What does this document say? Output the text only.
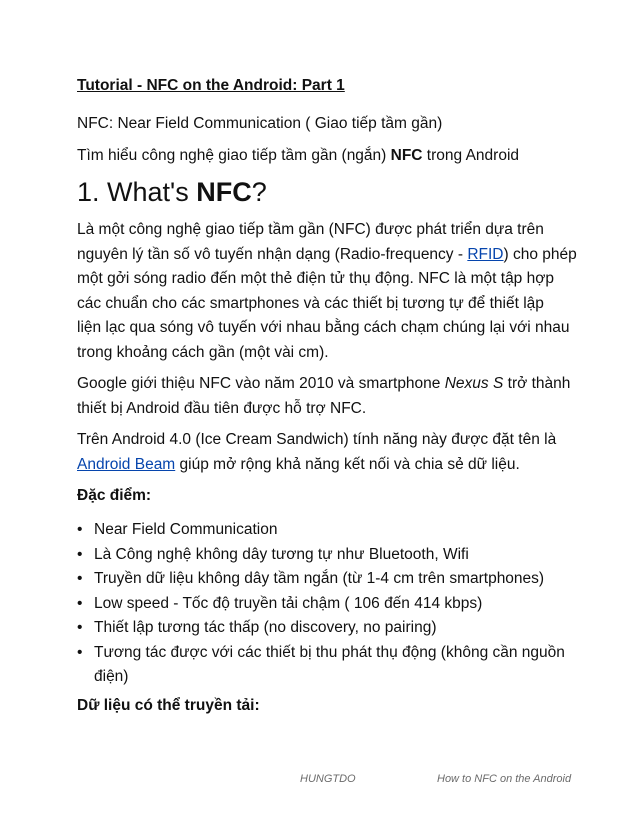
Tutorial - NFC on the Android: Part 1
NFC: Near Field Communication ( Giao tiếp tầm gần)
Tìm hiểu công nghệ giao tiếp tầm gần (ngắn) NFC trong Android
1. What's NFC?
Là một công nghệ giao tiếp tầm gần (NFC) được phát triển dựa trên
nguyên lý tần số vô tuyến nhận dạng (Radio-frequency - RFID) cho phép
một gởi sóng radio đến một thẻ điện tử thụ động. NFC là một tập hợp
các chuẩn cho các smartphones và các thiết bị tương tự để thiết lập
liện lạc qua sóng vô tuyến với nhau bằng cách chạm chúng lại với nhau
trong khoảng cách gần (một vài cm).
Google giới thiệu NFC vào năm 2010 và smartphone Nexus S trở thành
thiết bị Android đầu tiên được hỗ trợ NFC.
Trên Android 4.0 (Ice Cream Sandwich) tính năng này được đặt tên là
Android Beam giúp mở rộng khả năng kết nối và chia sẻ dữ liệu.
Đặc điểm:
• Near Field Communication
• Là Công nghệ không dây tương tự như Bluetooth, Wifi
• Truyền dữ liệu không dây tầm ngắn (từ 1-4 cm trên smartphones)
• Low speed - Tốc độ truyền tải chậm ( 106 đến 414 kbps)
• Thiết lập tương tác thấp (no discovery, no pairing)
• Tương tác được với các thiết bị thu phát thụ động (không cần nguồn
điện)
Dữ liệu có thể truyền tải:
HUNGTDO	How to NFC on the Android
